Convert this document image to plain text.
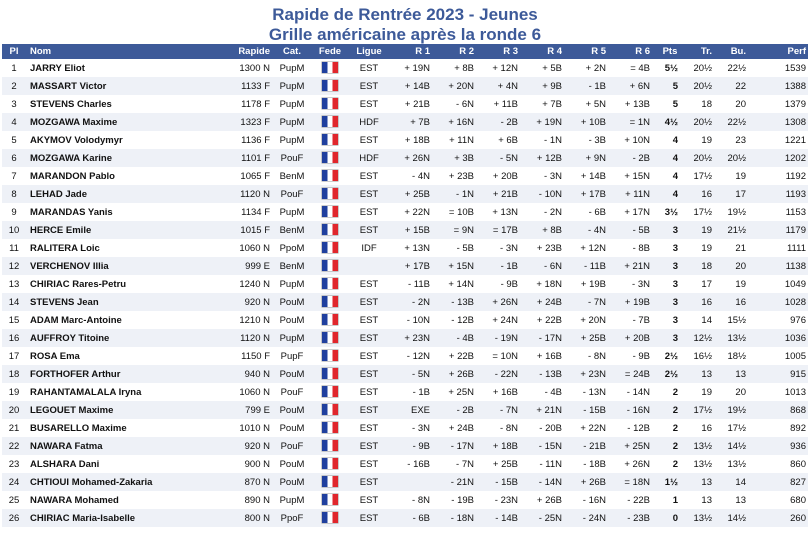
Rapide de Rentrée 2023 - Jeunes
Grille américaine après la ronde 6
Pl	Nom	Rapide	Cat.	Fede	Ligue	R 1	R 2	R 3	R 4	R 5	R 6	Pts	Tr.	Bu.	Perf
1	JARRY Eliot	1300 N	PupM		EST	+ 19N	+ 8B	+ 12N	+ 5B	+ 2N	= 4B	5½	20½	22½	1539
2	MASSART Victor	1133 F	PupM		EST	+ 14B	+ 20N	+ 4N	+ 9B	- 1B	+ 6N	5	20½	22	1388
3	STEVENS Charles	1178 F	PupM		EST	+ 21B	- 6N	+ 11B	+ 7B	+ 5N	+ 13B	5	18	20	1379
4	MOZGAWA Maxime	1323 F	PupM		HDF	+ 7B	+ 16N	- 2B	+ 19N	+ 10B	= 1N	4½	20½	22½	1308
5	AKYMOV Volodymyr	1136 F	PupM		EST	+ 18B	+ 11N	+ 6B	- 1N	- 3B	+ 10N	4	19	23	1221
6	MOZGAWA Karine	1101 F	PouF		HDF	+ 26N	+ 3B	- 5N	+ 12B	+ 9N	- 2B	4	20½	20½	1202
7	MARANDON Pablo	1065 F	BenM		EST	- 4N	+ 23B	+ 20B	- 3N	+ 14B	+ 15N	4	17½	19	1192
8	LEHAD Jade	1120 N	PouF		EST	+ 25B	- 1N	+ 21B	- 10N	+ 17B	+ 11N	4	16	17	1193
9	MARANDAS Yanis	1134 F	PupM		EST	+ 22N	= 10B	+ 13N	- 2N	- 6B	+ 17N	3½	17½	19½	1153
10	HERCE Emile	1015 F	BenM		EST	+ 15B	= 9N	= 17B	+ 8B	- 4N	- 5B	3	19	21½	1179
11	RALITERA Loic	1060 N	PpoM		IDF	+ 13N	- 5B	- 3N	+ 23B	+ 12N	- 8B	3	19	21	1111
12	VERCHENOV Illia	999 E	BenM			+ 17B	+ 15N	- 1B	- 6N	- 11B	+ 21N	3	18	20	1138
13	CHIRIAC Rares-Petru	1240 N	PupM		EST	- 11B	+ 14N	- 9B	+ 18N	+ 19B	- 3N	3	17	19	1049
14	STEVENS Jean	920 N	PouM		EST	- 2N	- 13B	+ 26N	+ 24B	- 7N	+ 19B	3	16	16	1028
15	ADAM Marc-Antoine	1210 N	PouM		EST	- 10N	- 12B	+ 24N	+ 22B	+ 20N	- 7B	3	14	15½	976
16	AUFFROY Titoine	1120 N	PupM		EST	+ 23N	- 4B	- 19N	- 17N	+ 25B	+ 20B	3	12½	13½	1036
17	ROSA Ema	1150 F	PupF		EST	- 12N	+ 22B	= 10N	+ 16B	- 8N	- 9B	2½	16½	18½	1005
18	FORTHOFER Arthur	940 N	PouM		EST	- 5N	+ 26B	- 22N	- 13B	+ 23N	= 24B	2½	13	13	915
19	RAHANTAMALALA Iryna	1060 N	PouF		EST	- 1B	+ 25N	+ 16B	- 4B	- 13N	- 14N	2	19	20	1013
20	LEGOUET Maxime	799 E	PouM		EST	EXE	- 2B	- 7N	+ 21N	- 15B	- 16N	2	17½	19½	868
21	BUSARELLO Maxime	1010 N	PouM		EST	- 3N	+ 24B	- 8N	- 20B	+ 22N	- 12B	2	16	17½	892
22	NAWARA Fatma	920 N	PouF		EST	- 9B	- 17N	+ 18B	- 15N	- 21B	+ 25N	2	13½	14½	936
23	ALSHARA Dani	900 N	PouM		EST	- 16B	- 7N	+ 25B	- 11N	- 18B	+ 26N	2	13½	13½	860
24	CHTIOUI Mohamed-Zakaria	870 N	PouM		EST		- 21N	- 15B	- 14N	+ 26B	= 18N	1½	13	14	827
25	NAWARA Mohamed	890 N	PupM		EST	- 8N	- 19B	- 23N	+ 26B	- 16N	- 22B	1	13	13	680
26	CHIRIAC Maria-Isabelle	800 N	PpoF		EST	- 6B	- 18N	- 14B	- 25N	- 24N	- 23B	0	13½	14½	260
